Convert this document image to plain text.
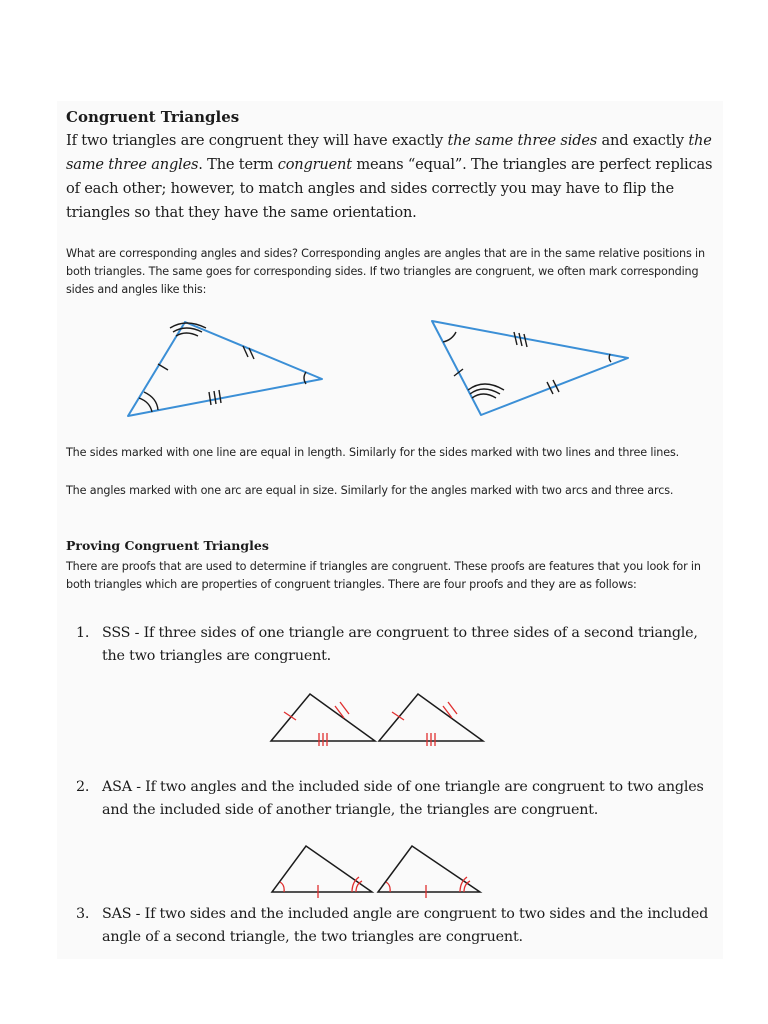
Congruent Triangles
If two triangles are congruent they will have exactly the same three sides and exactly the same three angles. The term congruent means “equal”. The triangles are perfect replicas of each other; however, to match angles and sides correctly you may have to flip the triangles so that they have the same orientation.
What are corresponding angles and sides? Corresponding angles are angles that are in the same relative positions in both triangles. The same goes for corresponding sides. If two triangles are congruent, we often mark corresponding sides and angles like this:
The sides marked with one line are equal in length. Similarly for the sides marked with two lines and three lines.
The angles marked with one arc are equal in size. Similarly for the angles marked with two arcs and three arcs.
Proving Congruent Triangles
There are proofs that are used to determine if triangles are congruent. These proofs are features that you look for in both triangles which are properties of congruent triangles. There are four proofs and they are as follows:
1. SSS - If three sides of one triangle are congruent to three sides of a second triangle, the two triangles are congruent.
2. ASA - If two angles and the included side of one triangle are congruent to two angles and the included side of another triangle, the triangles are congruent.
3. SAS - If two sides and the included angle are congruent to two sides and the included angle of a second triangle, the two triangles are congruent.
